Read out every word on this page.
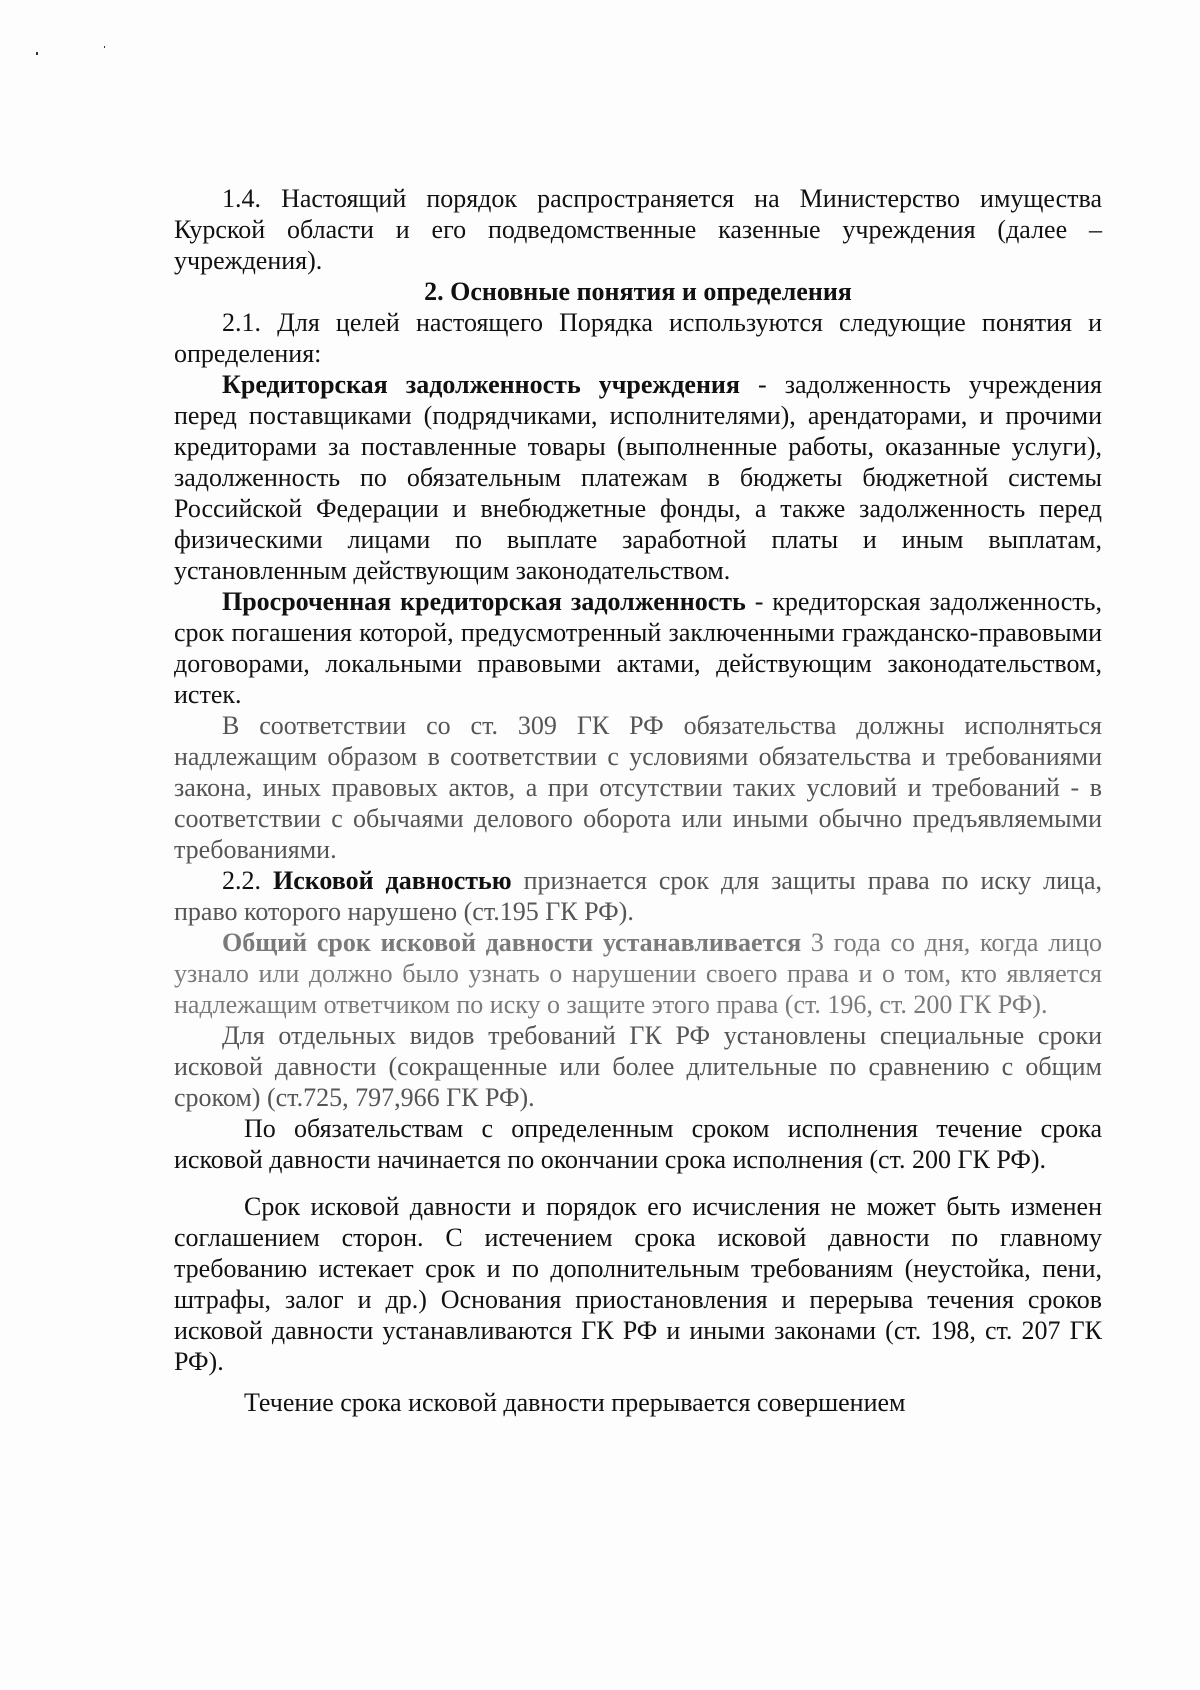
1.4. Настоящий порядок распространяется на Министерство имущества Курской области и его подведомственные казенные учреждения (далее – учреждения).

2. Основные понятия и определения

2.1. Для целей настоящего Порядка используются следующие понятия и определения:

Кредиторская задолженность учреждения - задолженность учреждения перед поставщиками (подрядчиками, исполнителями), арендаторами, и прочими кредиторами за поставленные товары (выполненные работы, оказанные услуги), задолженность по обязательным платежам в бюджеты бюджетной системы Российской Федерации и внебюджетные фонды, а также задолженность перед физическими лицами по выплате заработной платы и иным выплатам, установленным действующим законодательством.

Просроченная кредиторская задолженность - кредиторская задолженность, срок погашения которой, предусмотренный заключенными гражданско-правовыми договорами, локальными правовыми актами, действующим законодательством, истек.

В соответствии со ст. 309 ГК РФ обязательства должны исполняться надлежащим образом в соответствии с условиями обязательства и требованиями закона, иных правовых актов, а при отсутствии таких условий и требований - в соответствии с обычаями делового оборота или иными обычно предъявляемыми требованиями.

2.2. Исковой давностью признается срок для защиты права по иску лица, право которого нарушено (ст.195 ГК РФ).

Общий срок исковой давности устанавливается 3 года со дня, когда лицо узнало или должно было узнать о нарушении своего права и о том, кто является надлежащим ответчиком по иску о защите этого права (ст. 196, ст. 200 ГК РФ).

Для отдельных видов требований ГК РФ установлены специальные сроки исковой давности (сокращенные или более длительные по сравнению с общим сроком) (ст.725, 797,966 ГК РФ).

По обязательствам с определенным сроком исполнения течение срока исковой давности начинается по окончании срока исполнения (ст. 200 ГК РФ).

Срок исковой давности и порядок его исчисления не может быть изменен соглашением сторон. С истечением срока исковой давности по главному требованию истекает срок и по дополнительным требованиям (неустойка, пени, штрафы, залог и др.) Основания приостановления и перерыва течения сроков исковой давности устанавливаются ГК РФ и иными законами (ст. 198, ст. 207 ГК РФ).

Течение срока исковой давности прерывается совершением
